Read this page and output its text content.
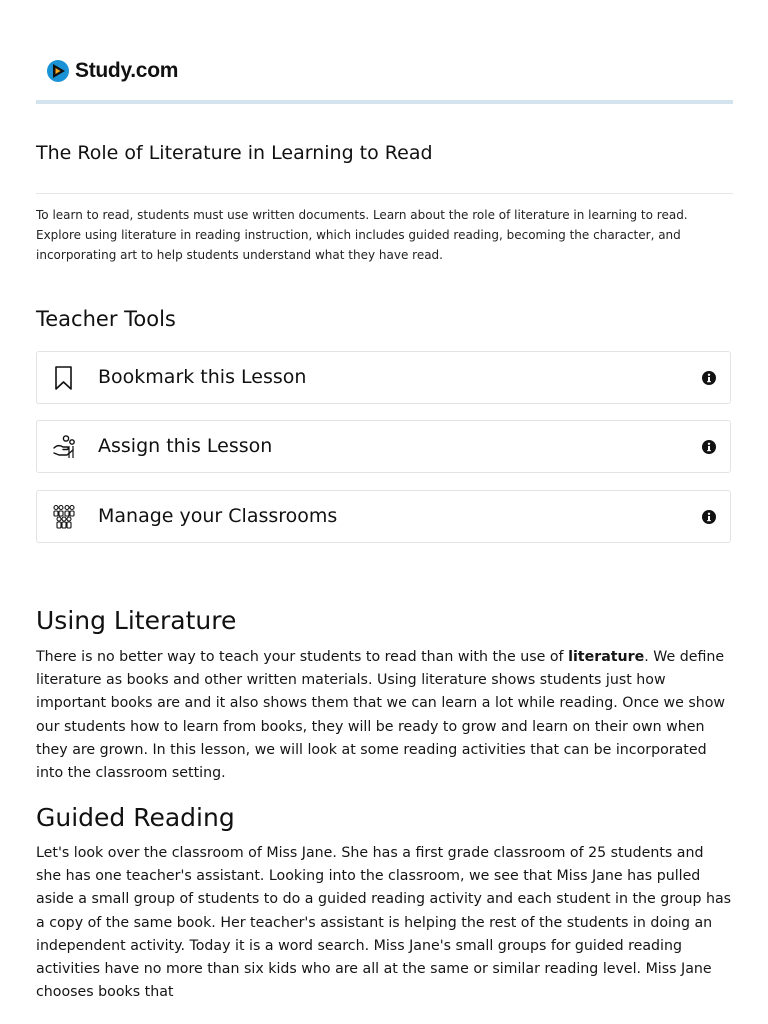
Study.com
The Role of Literature in Learning to Read

To learn to read, students must use written documents. Learn about the role of literature in learning to read. Explore using literature in reading instruction, which includes guided reading, becoming the character, and incorporating art to help students understand what they have read.

Teacher Tools
Bookmark this Lesson
Assign this Lesson
Manage your Classrooms
Using Literature

There is no better way to teach your students to read than with the use of literature. We define literature as books and other written materials. Using literature shows students just how important books are and it also shows them that we can learn a lot while reading. Once we show our students how to learn from books, they will be ready to grow and learn on their own when they are grown. In this lesson, we will look at some reading activities that can be incorporated into the classroom setting.

Guided Reading

Let's look over the classroom of Miss Jane. She has a first grade classroom of 25 students and she has one teacher's assistant. Looking into the classroom, we see that Miss Jane has pulled aside a small group of students to do a guided reading activity and each student in the group has a copy of the same book. Her teacher's assistant is helping the rest of the students in doing an independent activity. Today it is a word search. Miss Jane's small groups for guided reading activities have no more than six kids who are all at the same or similar reading level. Miss Jane chooses books that
